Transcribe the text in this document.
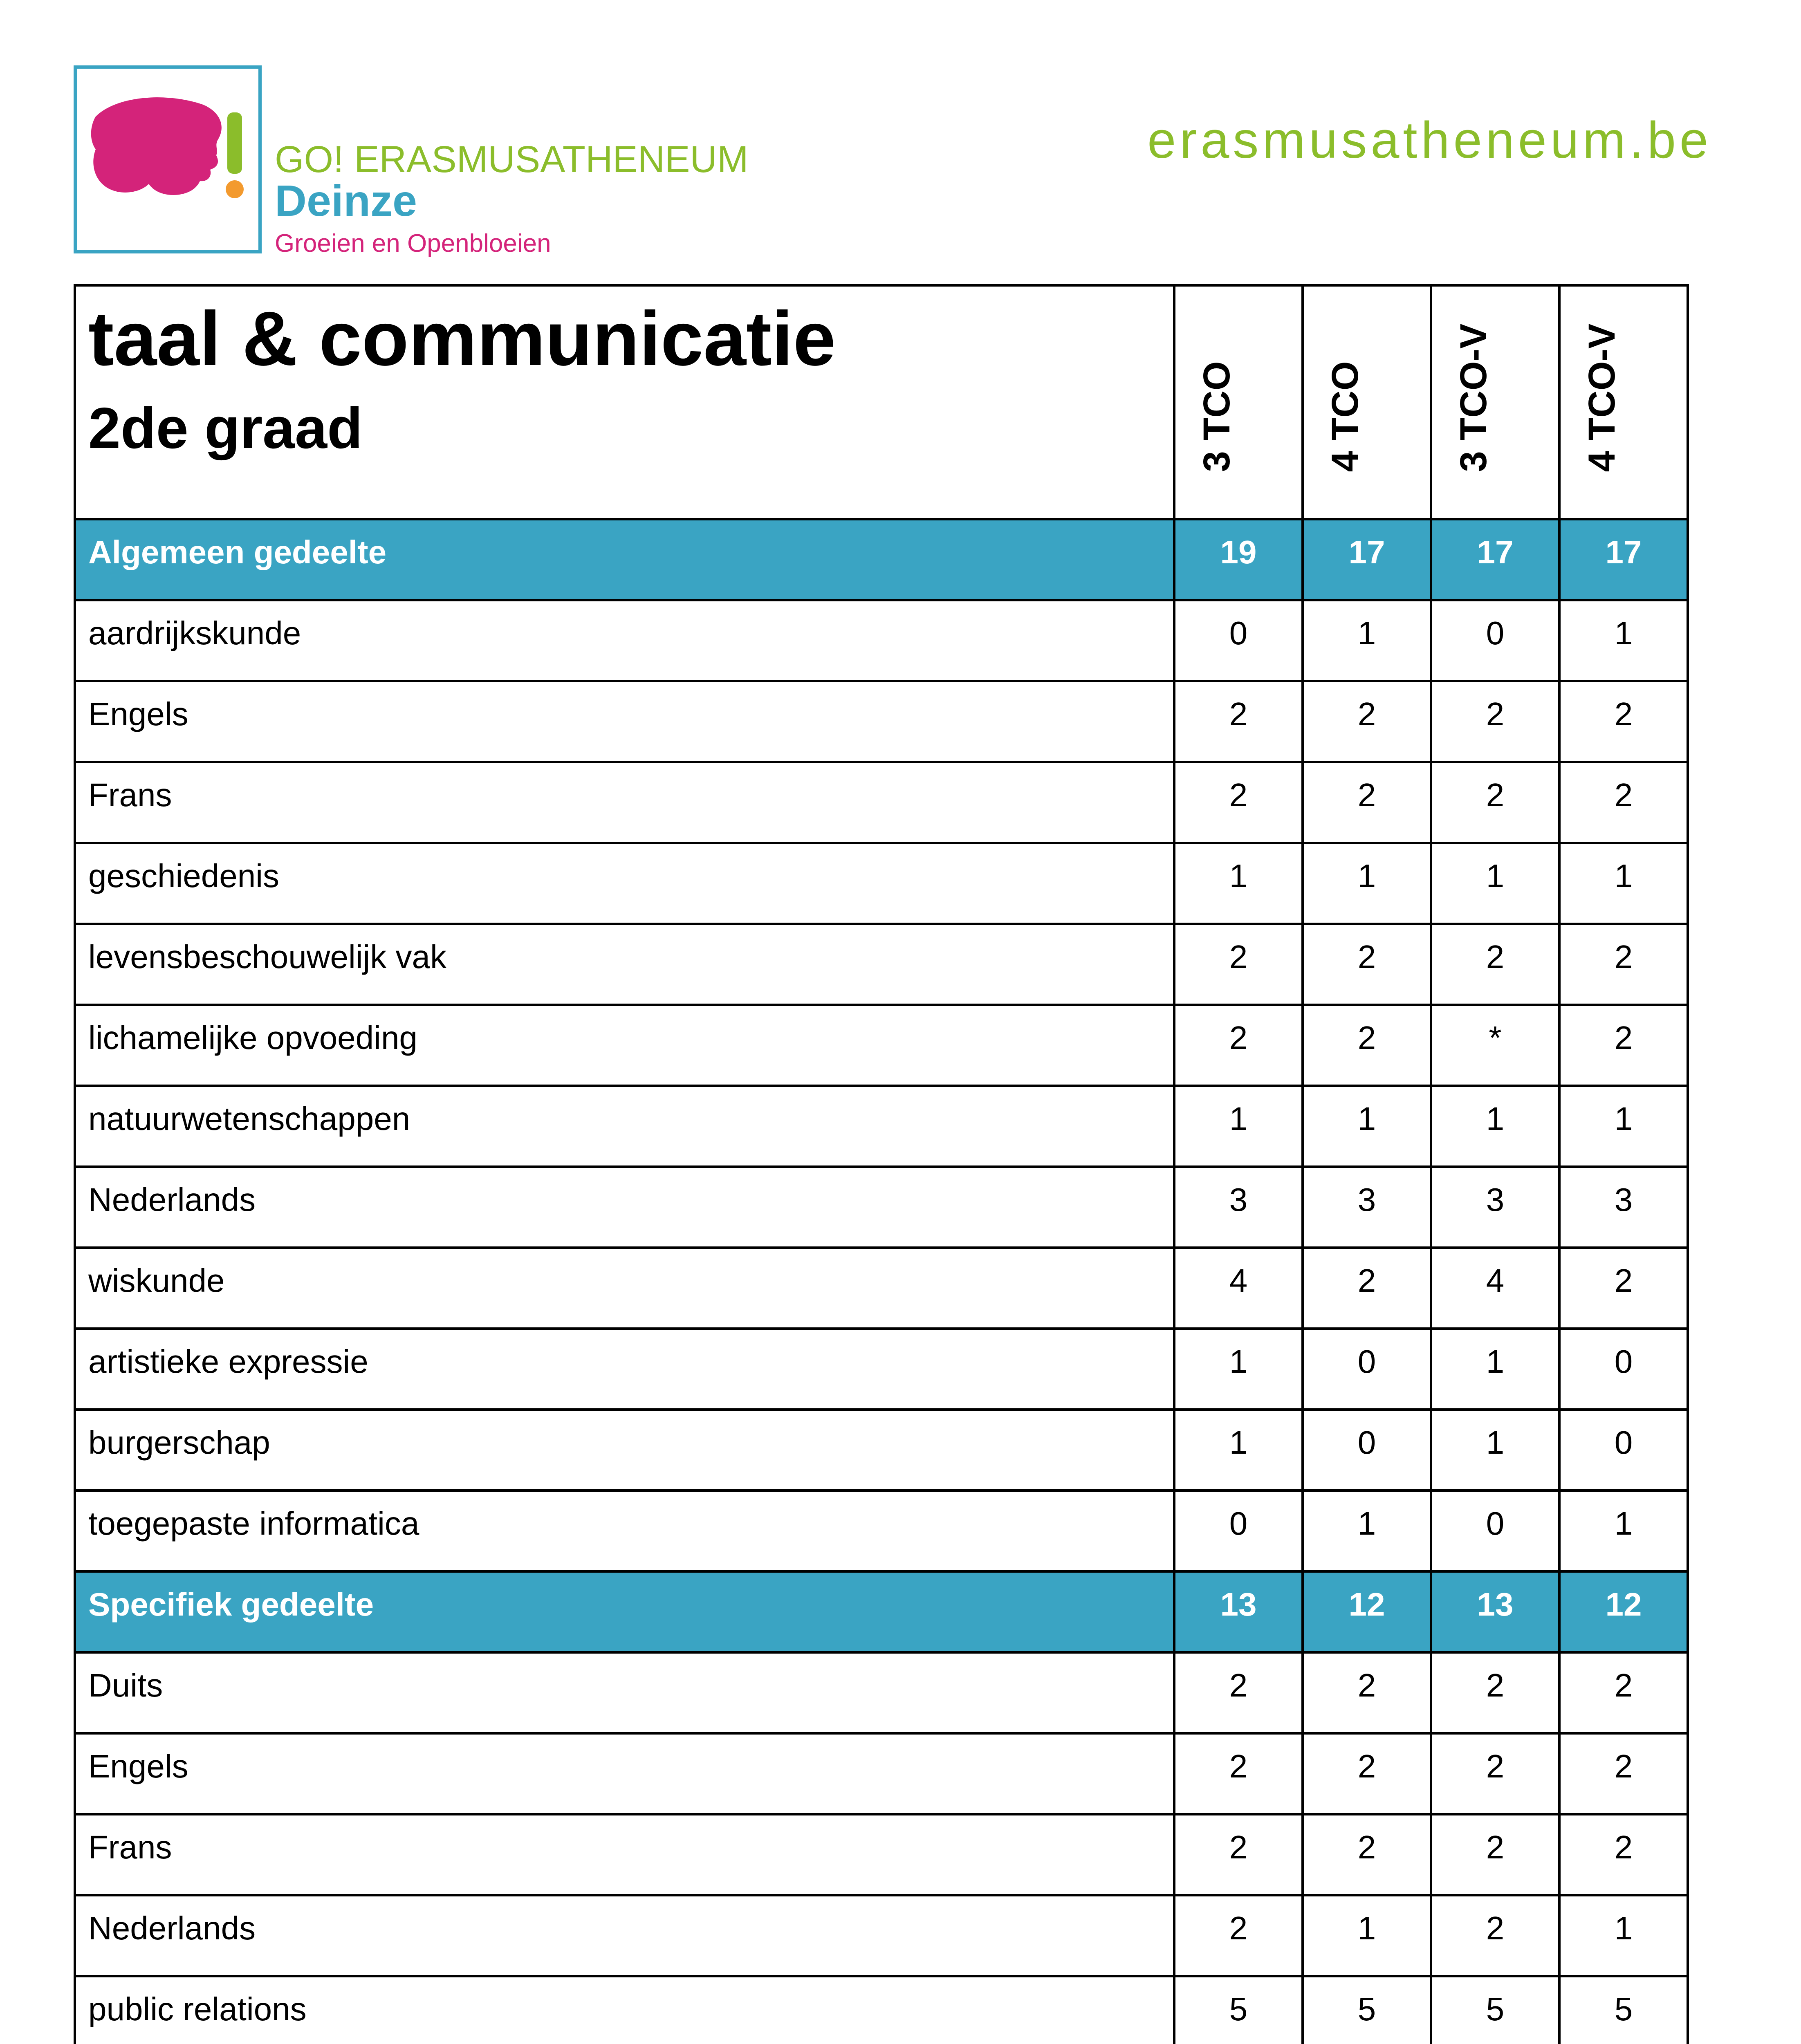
GO! ERASMUSATHENEUM
Deinze
Groeien en Openbloeien
erasmusatheneum.be
taal & communicatie
2de graad	3 TCO	4 TCO	3 TCO-V	4 TCO-V

Algemeen gedeelte	19	17	17	17
aardrijkskunde	0	1	0	1
Engels	2	2	2	2
Frans	2	2	2	2
geschiedenis	1	1	1	1
levensbeschouwelijk vak	2	2	2	2
lichamelijke opvoeding	2	2	*	2
natuurwetenschappen	1	1	1	1
Nederlands	3	3	3	3
wiskunde	4	2	4	2
artistieke expressie	1	0	1	0
burgerschap	1	0	1	0
toegepaste informatica	0	1	0	1
Specifiek gedeelte	13	12	13	12
Duits	2	2	2	2
Engels	2	2	2	2
Frans	2	2	2	2
Nederlands	2	1	2	1
public relations	5	5	5	5
